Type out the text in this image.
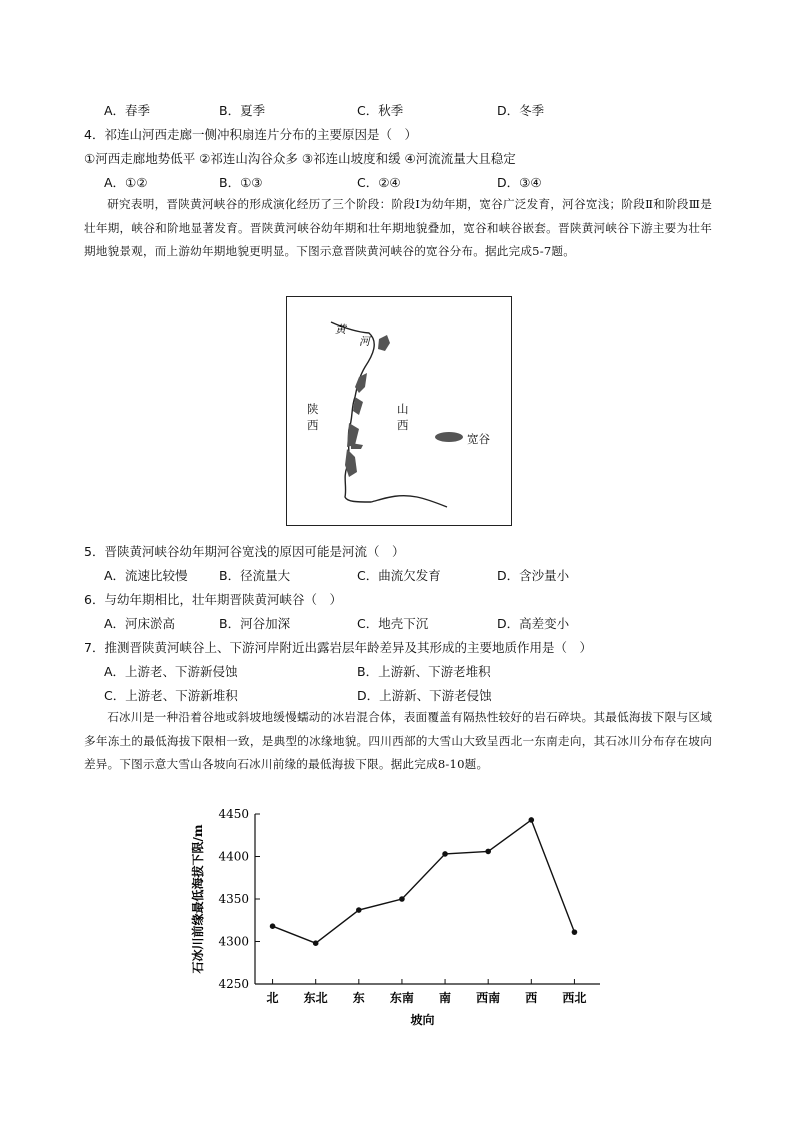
A．春季	B．夏季	C．秋季	D．冬季
4．祁连山河西走廊一侧冲积扇连片分布的主要原因是（　）
①河西走廊地势低平 ②祁连山沟谷众多 ③祁连山坡度和缓 ④河流流量大且稳定
A．①②	B．①③	C．②④	D．③④
研究表明，晋陕黄河峡谷的形成演化经历了三个阶段：阶段Ⅰ为幼年期，宽谷广泛发育，河谷宽浅；阶段Ⅱ和阶段Ⅲ是壮年期，峡谷和阶地显著发育。晋陕黄河峡谷幼年期和壮年期地貌叠加，宽谷和峡谷嵌套。晋陕黄河峡谷下游主要为壮年期地貌景观，而上游幼年期地貌更明显。下图示意晋陕黄河峡谷的宽谷分布。据此完成5-7题。
黄
河
陕西
山西
宽谷
5．晋陕黄河峡谷幼年期河谷宽浅的原因可能是河流（　）
A．流速比较慢	B．径流量大	C．曲流欠发育	D．含沙量小
6．与幼年期相比，壮年期晋陕黄河峡谷（　）
A．河床淤高	B．河谷加深	C．地壳下沉	D．高差变小
7．推测晋陕黄河峡谷上、下游河岸附近出露岩层年龄差异及其形成的主要地质作用是（　）
A．上游老、下游新侵蚀	B．上游新、下游老堆积
C．上游老、下游新堆积	D．上游新、下游老侵蚀
石冰川是一种沿着谷地或斜坡地缓慢蠕动的冰岩混合体，表面覆盖有隔热性较好的岩石碎块。其最低海拔下限与区域多年冻土的最低海拔下限相一致，是典型的冰缘地貌。四川西部的大雪山大致呈西北一东南走向，其石冰川分布存在坡向差异。下图示意大雪山各坡向石冰川前缘的最低海拔下限。据此完成8-10题。
4250
4300
4350
4400
4450
北 东北 东 东南 南 西南 西 西北
坡向
石冰川前缘最低海拔下限/m
